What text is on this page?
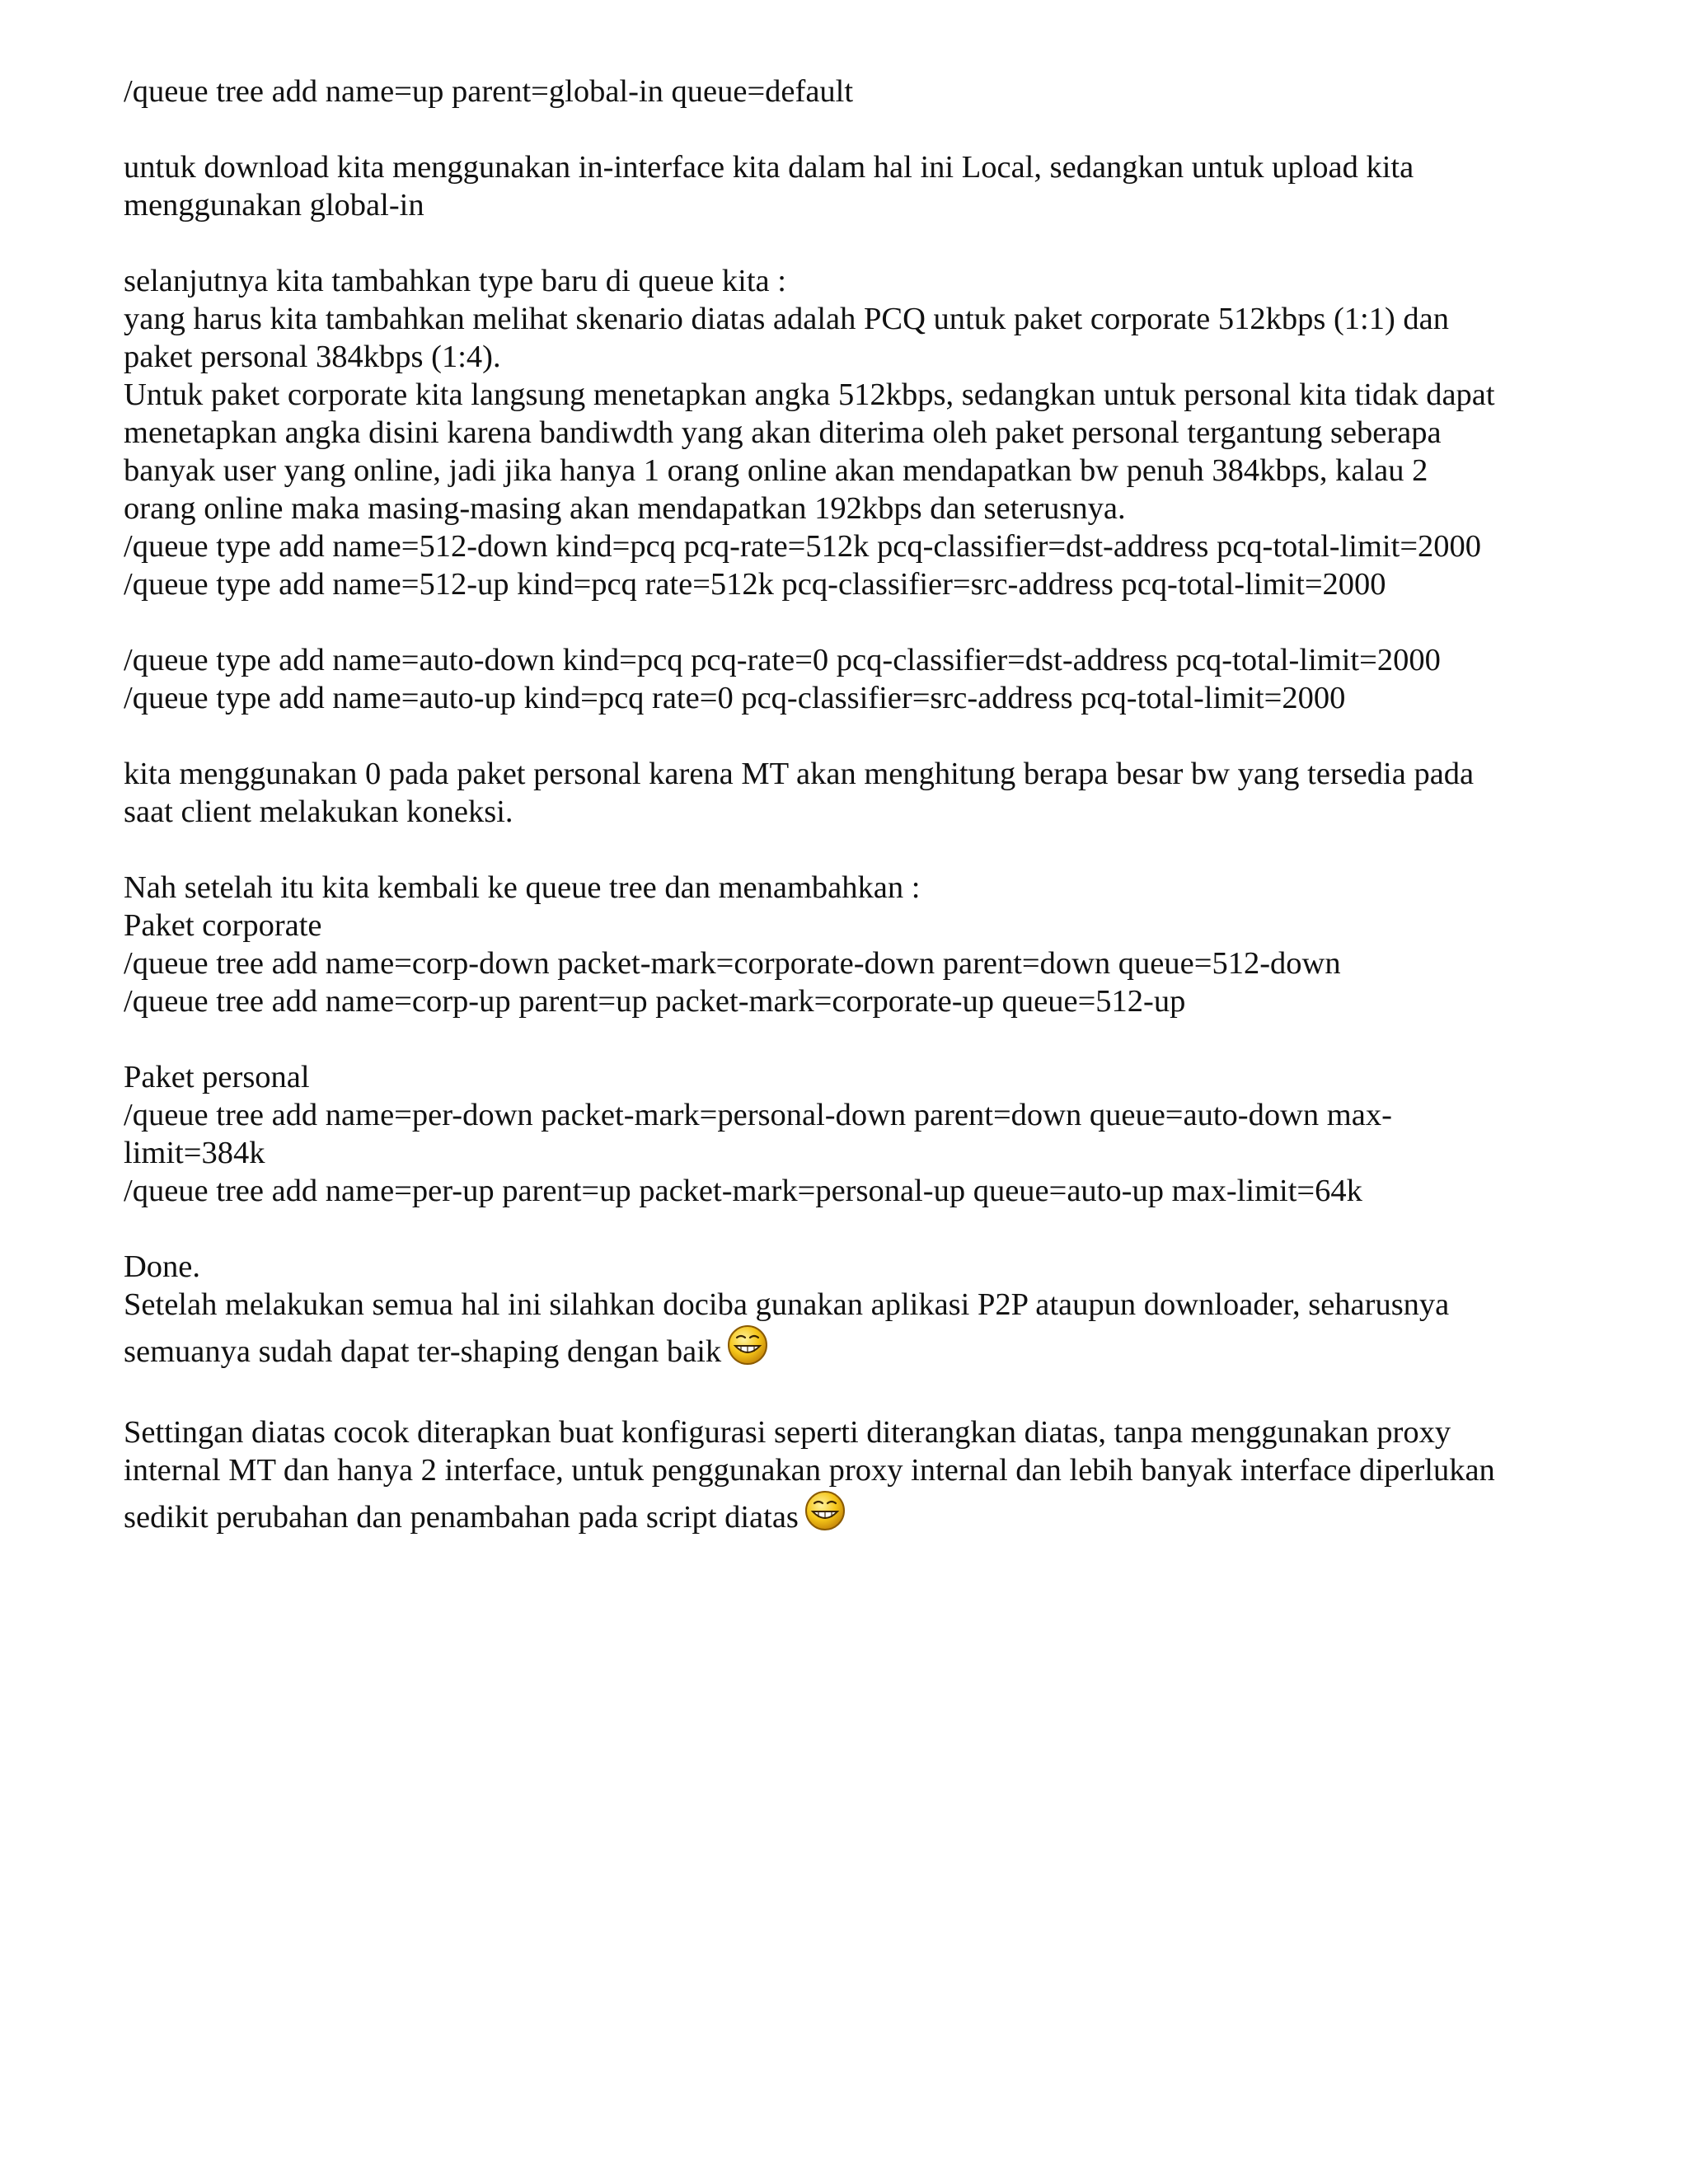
/queue tree add name=up parent=global-in queue=default
untuk download kita menggunakan in-interface kita dalam hal ini Local, sedangkan untuk upload kita
menggunakan global-in
selanjutnya kita tambahkan type baru di queue kita :
yang harus kita tambahkan melihat skenario diatas adalah PCQ untuk paket corporate 512kbps (1:1) dan
paket personal 384kbps (1:4).
Untuk paket corporate kita langsung menetapkan angka 512kbps, sedangkan untuk personal kita tidak dapat
menetapkan angka disini karena bandiwdth yang akan diterima oleh paket personal tergantung seberapa
banyak user yang online, jadi jika hanya 1 orang online akan mendapatkan bw penuh 384kbps, kalau 2
orang online maka masing-masing akan mendapatkan 192kbps dan seterusnya.
/queue type add name=512-down kind=pcq pcq-rate=512k pcq-classifier=dst-address pcq-total-limit=2000
/queue type add name=512-up kind=pcq rate=512k pcq-classifier=src-address pcq-total-limit=2000
/queue type add name=auto-down kind=pcq pcq-rate=0 pcq-classifier=dst-address pcq-total-limit=2000
/queue type add name=auto-up kind=pcq rate=0 pcq-classifier=src-address pcq-total-limit=2000
kita menggunakan 0 pada paket personal karena MT akan menghitung berapa besar bw yang tersedia pada
saat client melakukan koneksi.
Nah setelah itu kita kembali ke queue tree dan menambahkan :
Paket corporate
/queue tree add name=corp-down packet-mark=corporate-down parent=down queue=512-down
/queue tree add name=corp-up parent=up packet-mark=corporate-up queue=512-up
Paket personal
/queue tree add name=per-down packet-mark=personal-down parent=down queue=auto-down max-
limit=384k
/queue tree add name=per-up parent=up packet-mark=personal-up queue=auto-up max-limit=64k
Done.
Setelah melakukan semua hal ini silahkan dociba gunakan aplikasi P2P ataupun downloader, seharusnya
semuanya sudah dapat ter-shaping dengan baik
Settingan diatas cocok diterapkan buat konfigurasi seperti diterangkan diatas, tanpa menggunakan proxy
internal MT dan hanya 2 interface, untuk penggunakan proxy internal dan lebih banyak interface diperlukan
sedikit perubahan dan penambahan pada script diatas
